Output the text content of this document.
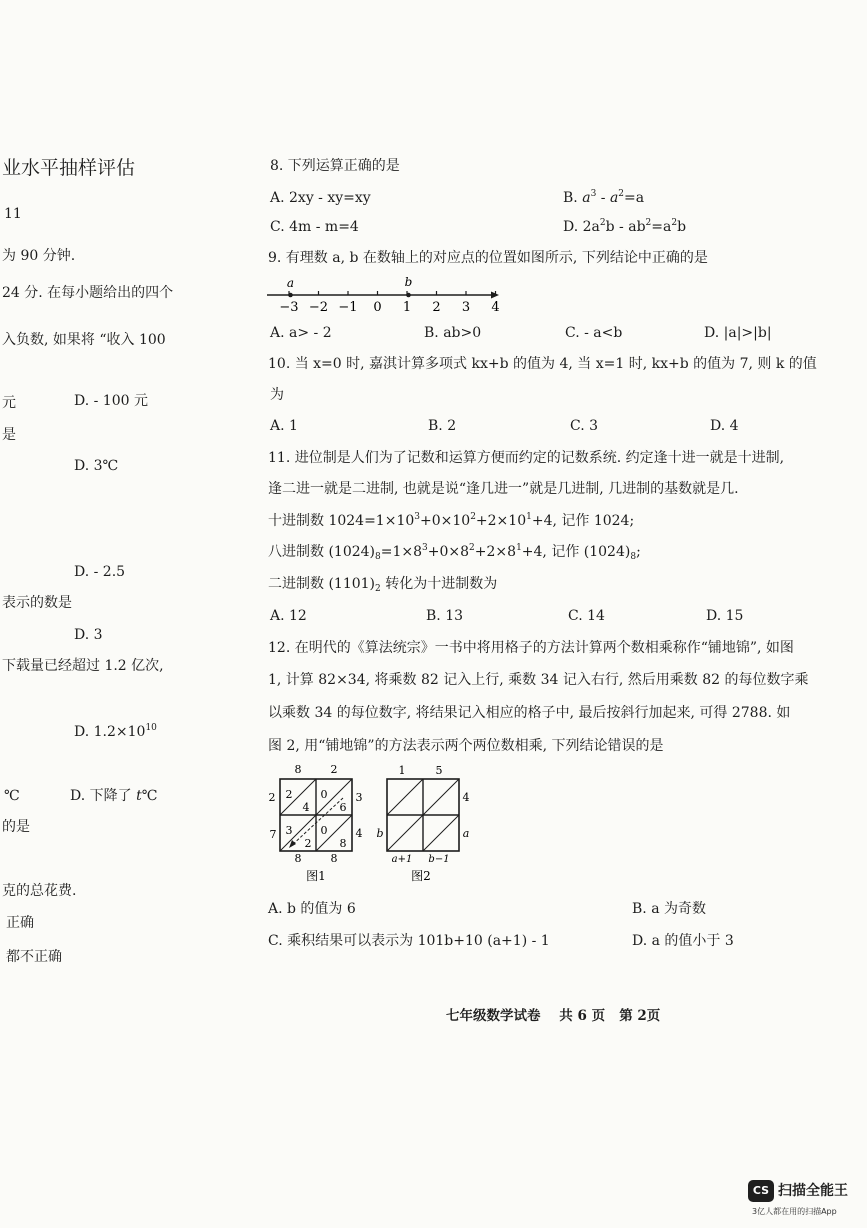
业水平抽样评估
11
为 90 分钟.
24 分. 在每小题给出的四个
入负数, 如果将 “收入 100
元	D. - 100 元
是
D. 3℃
D. - 2.5
表示的数是
D. 3
下载量已经超过 1.2 亿次,
D. $1.2\times 10^{10}$
℃	D. 下降了 t℃
的是
克的总花费.
正确
都不正确
8. 下列运算正确的是
A. 2xy - xy=xy	B. $a^3 - a^2=a$
C. 4m - m=4	D. $2a^2b - ab^2=a^2b$
9. 有理数 a, b 在数轴上的对应点的位置如图所示, 下列结论中正确的是
−3 −2 −1 0 1 2 3 4
a	b
A. a> - 2	B. ab>0	C. - a<b	D. |a|>|b|
10. 当 x=0 时, 嘉淇计算多项式 kx+b 的值为 4, 当 x=1 时, kx+b 的值为 7, 则 k 的值
为
A. 1	B. 2	C. 3	D. 4
11. 进位制是人们为了记数和运算方便而约定的记数系统. 约定逢十进一就是十进制,
逢二进一就是二进制, 也就是说“逢几进一”就是几进制, 几进制的基数就是几.
十进制数 $1024=1\times 10^3+0\times 10^2+2\times 10^1+4$, 记作 1024;
八进制数 $(1024)_8=1\times 8^3+0\times 8^2+2\times 8^1+4$, 记作 $(1024)_8$;
二进制数 $(1101)_2$ 转化为十进制数为
A. 12	B. 13	C. 14	D. 15
12. 在明代的《算法统宗》一书中将用格子的方法计算两个数相乘称作“铺地锦”, 如图
1, 计算 82×34, 将乘数 82 记入上行, 乘数 34 记入右行, 然后用乘数 82 的每位数字乘
以乘数 34 的每位数字, 将结果记入相应的格子中, 最后按斜行加起来, 可得 2788. 如
图 2, 用“铺地锦”的方法表示两个两位数相乘, 下列结论错误的是
8	2
3
4
2
7
8	8
2
4
0
6
3
2
0
8
图1
1	5
4
a
b
a+1 b−1
图2
A. b 的值为 6	B. a 为奇数
C. 乘积结果可以表示为 101b+10 (a+1) - 1	D. a 的值小于 3
七年级数学试卷    共 6 页   第 2页
CS 扫描全能王
3亿人都在用的扫描App
